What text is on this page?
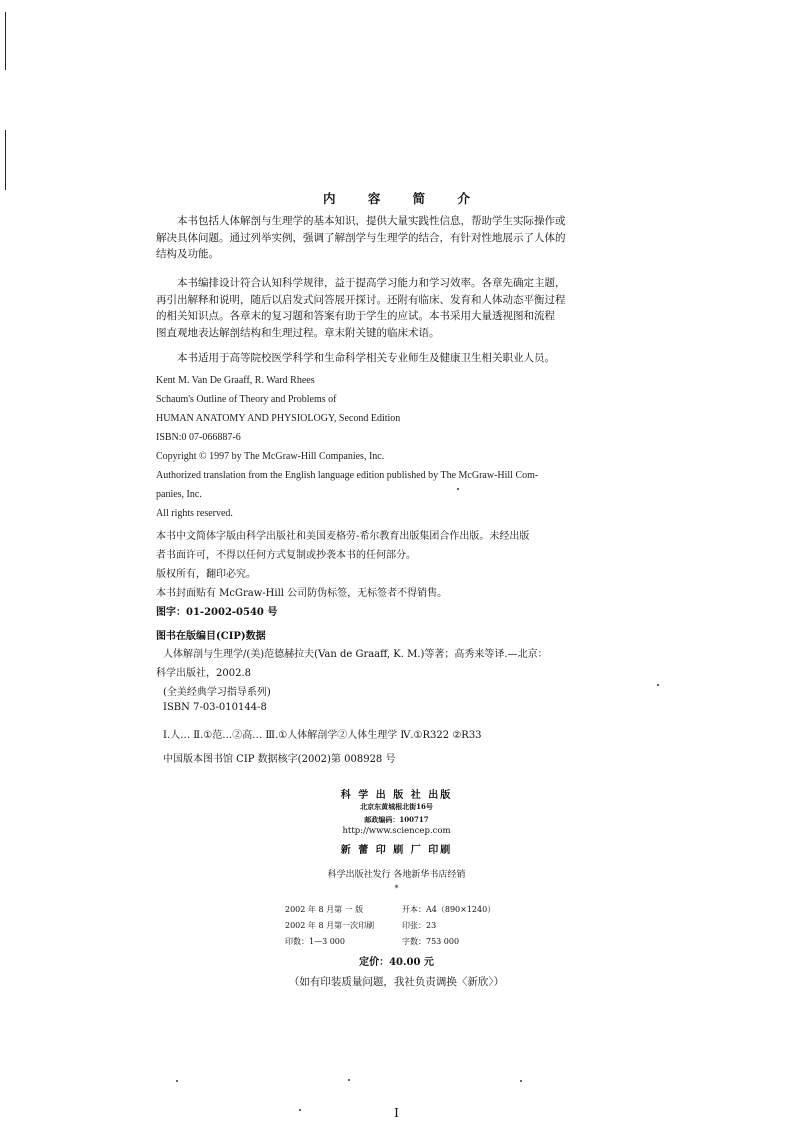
内 容 简 介
本书包括人体解剖与生理学的基本知识，提供大量实践性信息，帮助学生实际操作或
解决具体问题。通过列举实例，强调了解剖学与生理学的结合，有针对性地展示了人体的
结构及功能。
本书编排设计符合认知科学规律，益于提高学习能力和学习效率。各章先确定主题，
再引出解释和说明，随后以启发式问答展开探讨。还附有临床、发育和人体动态平衡过程
的相关知识点。各章末的复习题和答案有助于学生的应试。本书采用大量透视图和流程
图直观地表达解剖结构和生理过程。章末附关键的临床术语。
本书适用于高等院校医学科学和生命科学相关专业师生及健康卫生相关职业人员。
Kent M. Van De Graaff, R. Ward Rhees
Schaum's Outline of Theory and Problems of
HUMAN ANATOMY AND PHYSIOLOGY, Second Edition
ISBN:0 07-066887-6
Copyright © 1997 by The McGraw-Hill Companies, Inc.
Authorized translation from the English language edition published by The McGraw-Hill Com-
panies, Inc.
All rights reserved.
本书中文简体字版由科学出版社和美国麦格劳-希尔教育出版集团合作出版。未经出版
者书面许可，不得以任何方式复制或抄袭本书的任何部分。
版权所有，翻印必究。
本书封面贴有 McGraw-Hill 公司防伪标签，无标签者不得销售。
图字：01-2002-0540 号
图书在版编目(CIP)数据
人体解剖与生理学/(美)范德赫拉夫(Van de Graaff, K. M.)等著；高秀来等译.—北京：
科学出版社，2002.8
(全美经典学习指导系列)
ISBN 7-03-010144-8
Ⅰ.人… Ⅱ.①范…②高… Ⅲ.①人体解剖学②人体生理学 Ⅳ.①R322 ②R33
中国版本图书馆 CIP 数据核字(2002)第 008928 号
科 学 出 版 社 出版
北京东黄城根北街16号
邮政编码：100717
http://www.sciencep.com
新 蕾 印 刷 厂 印刷
科学出版社发行 各地新华书店经销
*
2002 年 8 月第 一 版	开本：A4（890×1240）
2002 年 8 月第一次印刷	印张：23
印数：1—3 000	字数：753 000
定价：40.00 元
（如有印装质量问题，我社负责调换〈新欣〉）
I
